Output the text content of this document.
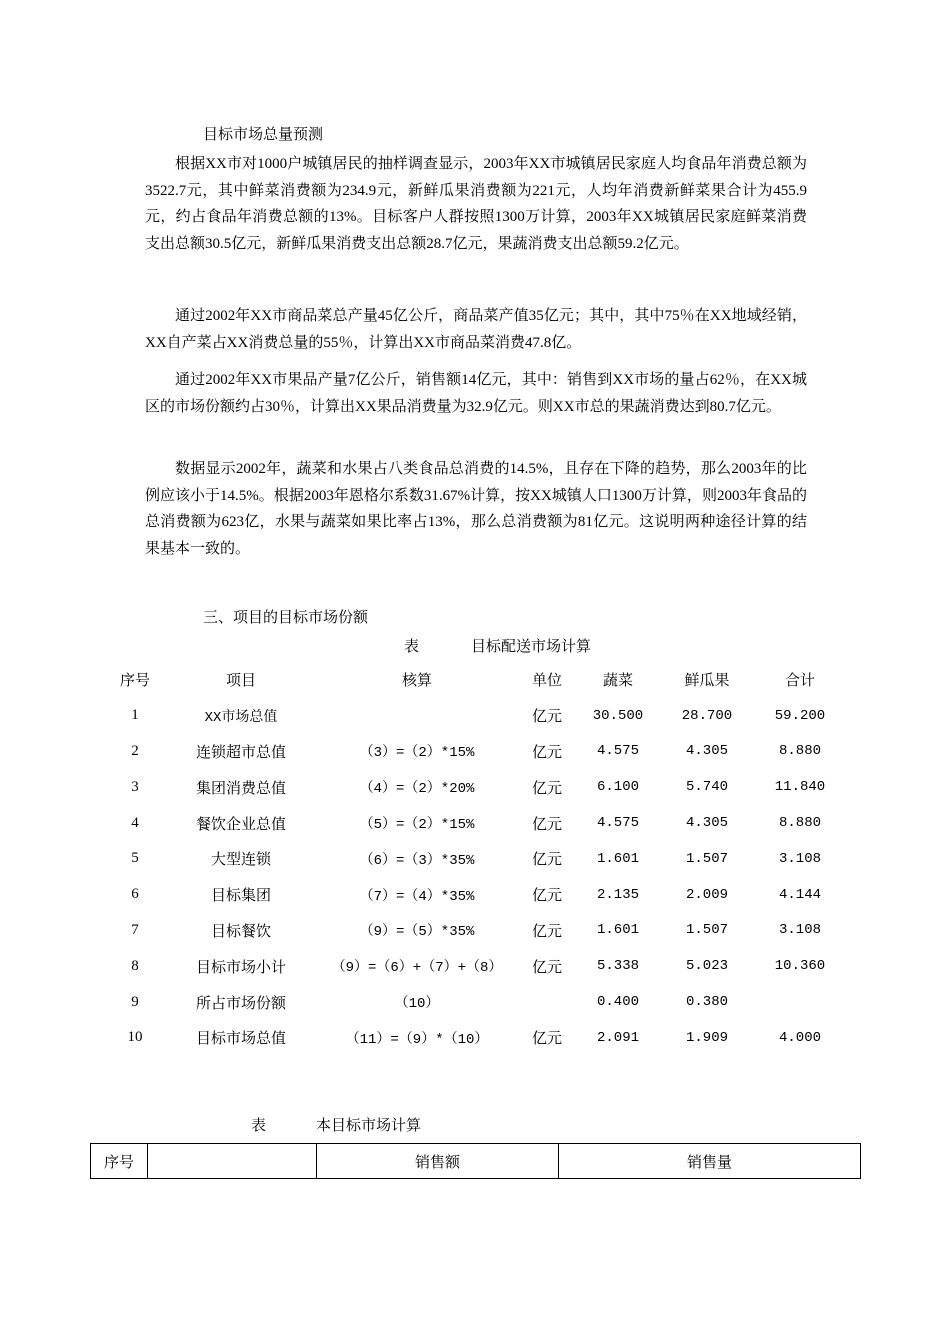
目标市场总量预测
根据XX市对1000户城镇居民的抽样调查显示，2003年XX市城镇居民家庭人均食品年消费总额为3522.7元，其中鲜菜消费额为234.9元，新鲜瓜果消费额为221元，人均年消费新鲜菜果合计为455.9元，约占食品年消费总额的13%。目标客户人群按照1300万计算，2003年XX城镇居民家庭鲜菜消费支出总额30.5亿元，新鲜瓜果消费支出总额28.7亿元，果蔬消费支出总额59.2亿元。
通过2002年XX市商品菜总产量45亿公斤，商品菜产值35亿元；其中，其中75％在XX地域经销，XX自产菜占XX消费总量的55％，计算出XX市商品菜消费47.8亿。
通过2002年XX市果品产量7亿公斤，销售额14亿元，其中：销售到XX市场的量占62％，在XX城区的市场份额约占30％，计算出XX果品消费量为32.9亿元。则XX市总的果蔬消费达到80.7亿元。
数据显示2002年，蔬菜和水果占八类食品总消费的14.5%，且存在下降的趋势，那么2003年的比例应该小于14.5%。根据2003年恩格尔系数31.67%计算，按XX城镇人口1300万计算，则2003年食品的总消费额为623亿，水果与蔬菜如果比率占13%，那么总消费额为81亿元。这说明两种途径计算的结果基本一致的。
三、项目的目标市场份额
表	目标配送市场计算
序号	项目	核算	单位	蔬菜	鲜瓜果	合计
1	XX市场总值		亿元	30.500	28.700	59.200
2	连锁超市总值	（3）=（2）*15%	亿元	4.575	4.305	8.880
3	集团消费总值	（4）=（2）*20%	亿元	6.100	5.740	11.840
4	餐饮企业总值	（5）=（2）*15%	亿元	4.575	4.305	8.880
5	大型连锁	（6）=（3）*35%	亿元	1.601	1.507	3.108
6	目标集团	（7）=（4）*35%	亿元	2.135	2.009	4.144
7	目标餐饮	（9）=（5）*35%	亿元	1.601	1.507	3.108
8	目标市场小计	（9）=（6）+（7）+（8）	亿元	5.338	5.023	10.360
9	所占市场份额	（10）		0.400	0.380	
10	目标市场总值	（11）=（9）*（10）	亿元	2.091	1.909	4.000
表	本目标市场计算
序号		销售额	销售量
